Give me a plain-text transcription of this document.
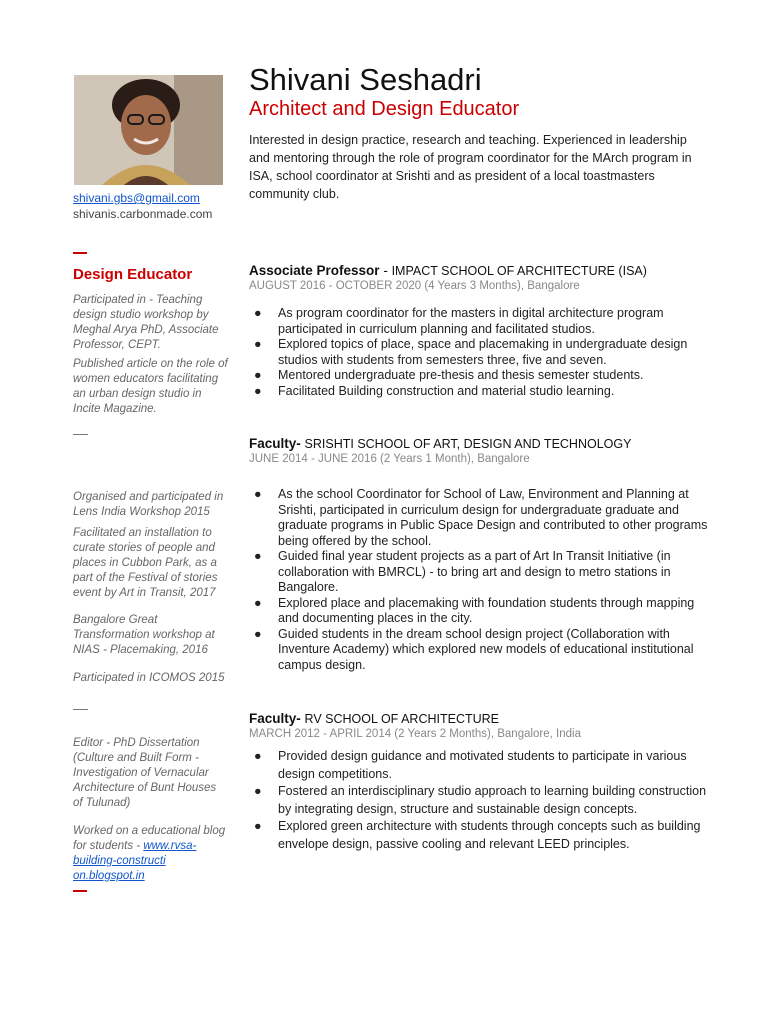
shivani.gbs@gmail.com
shivanis.carbonmade.com
Design Educator
Participated in - Teaching design studio workshop by Meghal Arya PhD, Associate Professor, CEPT.
Published article on the role of women educators facilitating an urban design studio in Incite Magazine.
Organised and participated in Lens India Workshop 2015
Facilitated an installation to curate stories of people and places in Cubbon Park, as a part of the Festival of stories event by Art in Transit, 2017
Bangalore Great Transformation workshop at NIAS - Placemaking, 2016
Participated in ICOMOS 2015
Editor - PhD Dissertation (Culture and Built Form - Investigation of Vernacular Architecture of Bunt Houses of Tulunad)
Worked on a educational blog for students - www.rvsa-building-constructi on.blogspot.in
Shivani Seshadri
Architect and Design Educator
Interested in design practice, research and teaching. Experienced in leadership and mentoring through the role of program coordinator for the MArch program in ISA, school coordinator at Srishti and as president of a local toastmasters community club.
Associate Professor - IMPACT SCHOOL OF ARCHITECTURE (ISA)
AUGUST 2016 - OCTOBER 2020 (4 Years 3 Months), Bangalore
● As program coordinator for the masters in digital architecture program participated in curriculum planning and facilitated studios.
● Explored topics of place, space and placemaking in undergraduate design studios with students from semesters three, five and seven.
● Mentored undergraduate pre-thesis and thesis semester students.
● Facilitated Building construction and material studio learning.
Faculty- SRISHTI SCHOOL OF ART, DESIGN AND TECHNOLOGY
JUNE 2014 - JUNE 2016 (2 Years 1 Month), Bangalore
● As the school Coordinator for School of Law, Environment and Planning at Srishti, participated in curriculum design for undergraduate graduate and graduate programs in Public Space Design and contributed to other programs being offered by the school.
● Guided final year student projects as a part of Art In Transit Initiative (in collaboration with BMRCL) - to bring art and design to metro stations in Bangalore.
● Explored place and placemaking with foundation students through mapping and documenting places in the city.
● Guided students in the dream school design project (Collaboration with Inventure Academy) which explored new models of educational institutional campus design.
Faculty- RV SCHOOL OF ARCHITECTURE
MARCH 2012 - APRIL 2014 (2 Years 2 Months), Bangalore, India
● Provided design guidance and motivated students to participate in various design competitions.
● Fostered an interdisciplinary studio approach to learning building construction by integrating design, structure and sustainable design concepts.
● Explored green architecture with students through concepts such as building envelope design, passive cooling and relevant LEED principles.
